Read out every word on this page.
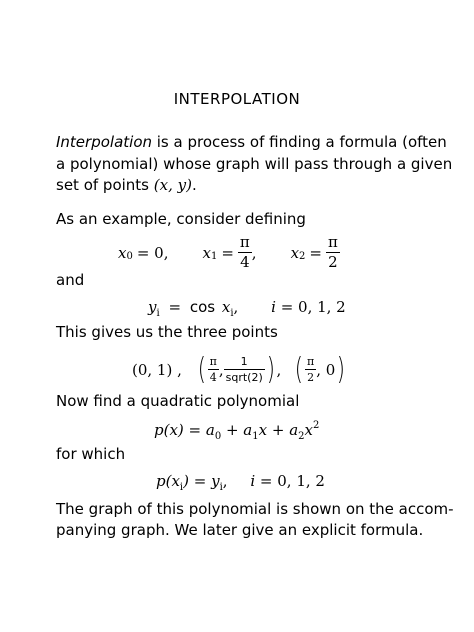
INTERPOLATION
Interpolation is a process of finding a formula (often
a polynomial) whose graph will pass through a given
set of points (x, y).
As an example, consider defining
x 0 = 0, x $1 = \frac{\pi}{4}$ , x $2 = \frac{\pi}{2}$
and
$y_i = \cos x_i$, i = 0, 1, 2
This gives us the three points
(0, 1) , ( $\frac{\pi}{4}$ , $\frac{1}{\text{sqrt(2)}}$ ) , ( $\frac{\pi}{2}$ , 0 )
Now find a quadratic polynomial
$p(x) = a_0 + a_1x + a_2x^2$
for which
$p(x_i) = y_i$, i = 0, 1, 2
The graph of this polynomial is shown on the accom-
panying graph. We later give an explicit formula.
